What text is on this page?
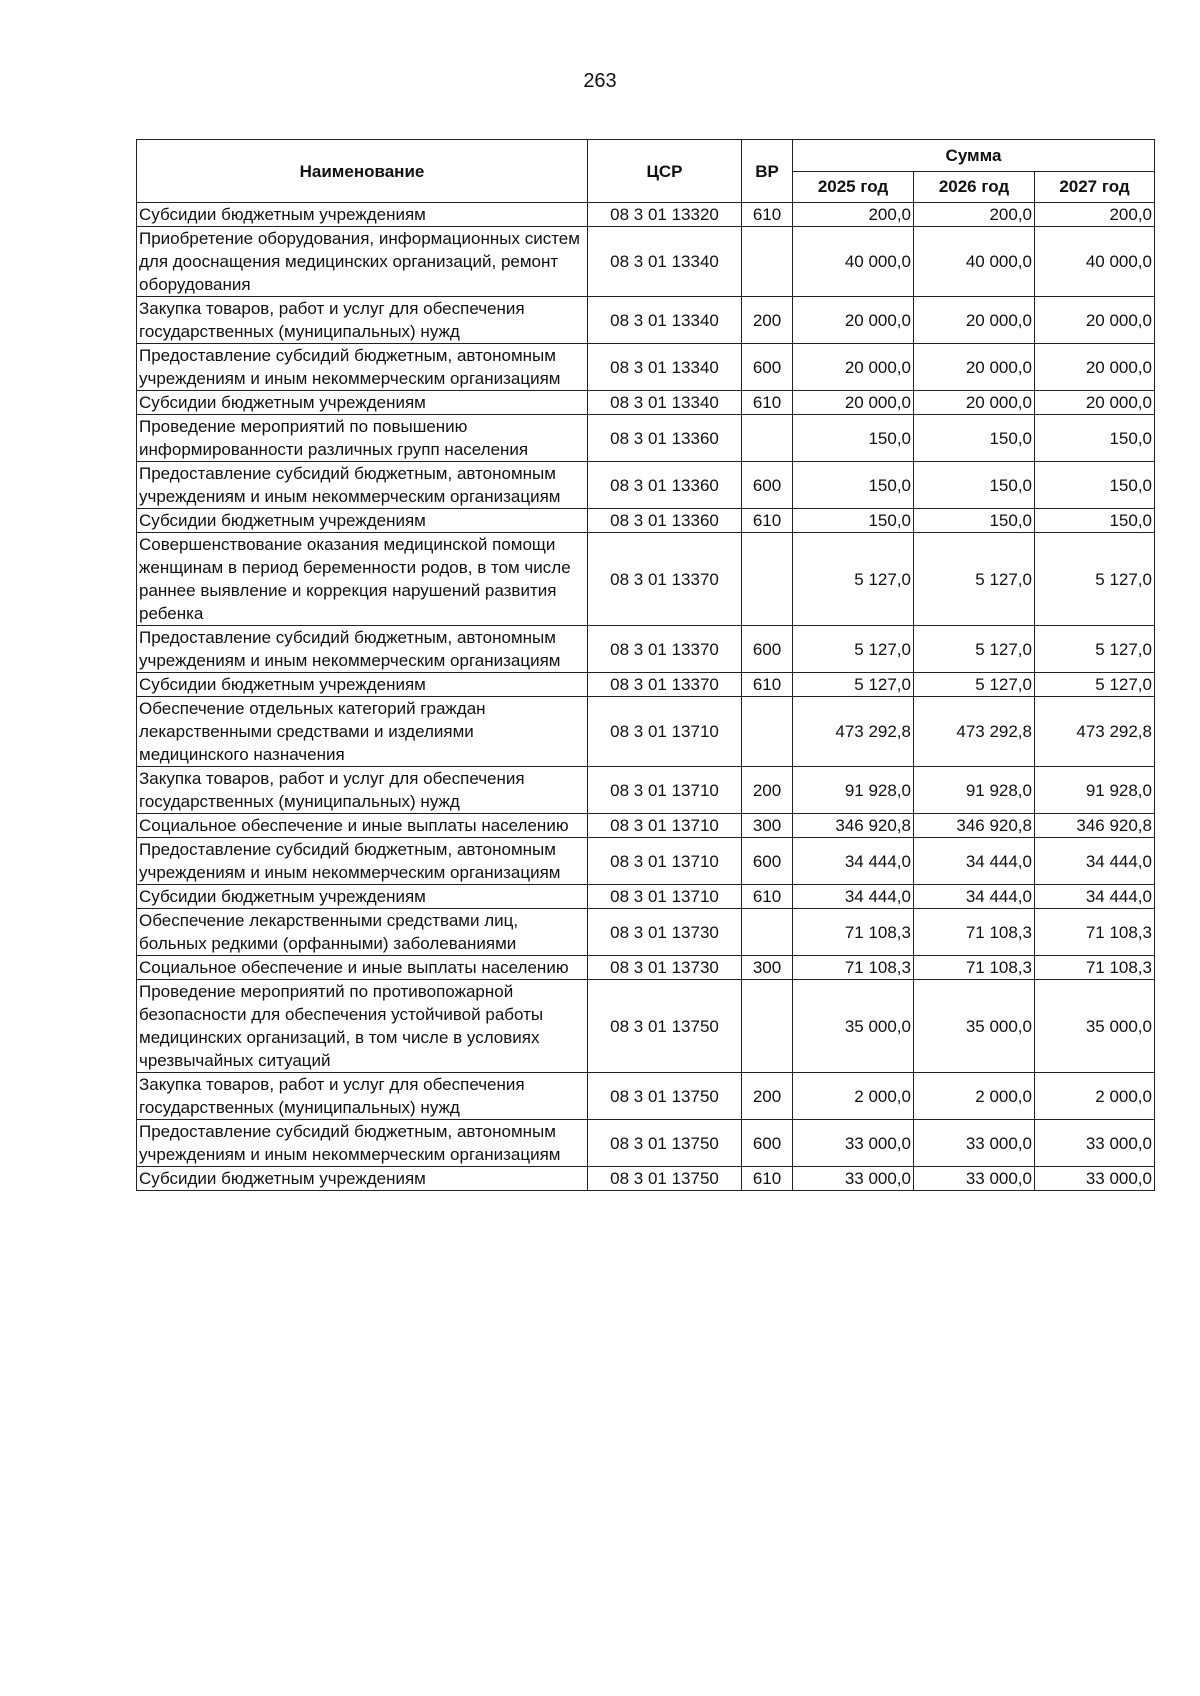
263
Наименование	ЦСР	ВР	Сумма		
			2025 год	2026 год	2027 год
Субсидии бюджетным учреждениям	08 3 01 13320	610	200,0	200,0	200,0
Приобретение оборудования, информационных систем для дооснащения медицинских организаций, ремонт оборудования	08 3 01 13340		40 000,0	40 000,0	40 000,0
Закупка товаров, работ и услуг для обеспечения государственных (муниципальных) нужд	08 3 01 13340	200	20 000,0	20 000,0	20 000,0
Предоставление субсидий бюджетным, автономным учреждениям и иным некоммерческим организациям	08 3 01 13340	600	20 000,0	20 000,0	20 000,0
Субсидии бюджетным учреждениям	08 3 01 13340	610	20 000,0	20 000,0	20 000,0
Проведение мероприятий по повышению информированности различных групп населения	08 3 01 13360		150,0	150,0	150,0
Предоставление субсидий бюджетным, автономным учреждениям и иным некоммерческим организациям	08 3 01 13360	600	150,0	150,0	150,0
Субсидии бюджетным учреждениям	08 3 01 13360	610	150,0	150,0	150,0
Совершенствование оказания медицинской помощи женщинам в период беременности родов, в том числе раннее выявление и коррекция нарушений развития ребенка	08 3 01 13370		5 127,0	5 127,0	5 127,0
Предоставление субсидий бюджетным, автономным учреждениям и иным некоммерческим организациям	08 3 01 13370	600	5 127,0	5 127,0	5 127,0
Субсидии бюджетным учреждениям	08 3 01 13370	610	5 127,0	5 127,0	5 127,0
Обеспечение отдельных категорий граждан лекарственными средствами и изделиями медицинского назначения	08 3 01 13710		473 292,8	473 292,8	473 292,8
Закупка товаров, работ и услуг для обеспечения государственных (муниципальных) нужд	08 3 01 13710	200	91 928,0	91 928,0	91 928,0
Социальное обеспечение и иные выплаты населению	08 3 01 13710	300	346 920,8	346 920,8	346 920,8
Предоставление субсидий бюджетным, автономным учреждениям и иным некоммерческим организациям	08 3 01 13710	600	34 444,0	34 444,0	34 444,0
Субсидии бюджетным учреждениям	08 3 01 13710	610	34 444,0	34 444,0	34 444,0
Обеспечение лекарственными средствами лиц, больных редкими (орфанными) заболеваниями	08 3 01 13730		71 108,3	71 108,3	71 108,3
Социальное обеспечение и иные выплаты населению	08 3 01 13730	300	71 108,3	71 108,3	71 108,3
Проведение мероприятий по противопожарной безопасности для обеспечения устойчивой работы медицинских организаций, в том числе в условиях чрезвычайных ситуаций	08 3 01 13750		35 000,0	35 000,0	35 000,0
Закупка товаров, работ и услуг для обеспечения государственных (муниципальных) нужд	08 3 01 13750	200	2 000,0	2 000,0	2 000,0
Предоставление субсидий бюджетным, автономным учреждениям и иным некоммерческим организациям	08 3 01 13750	600	33 000,0	33 000,0	33 000,0
Субсидии бюджетным учреждениям	08 3 01 13750	610	33 000,0	33 000,0	33 000,0
